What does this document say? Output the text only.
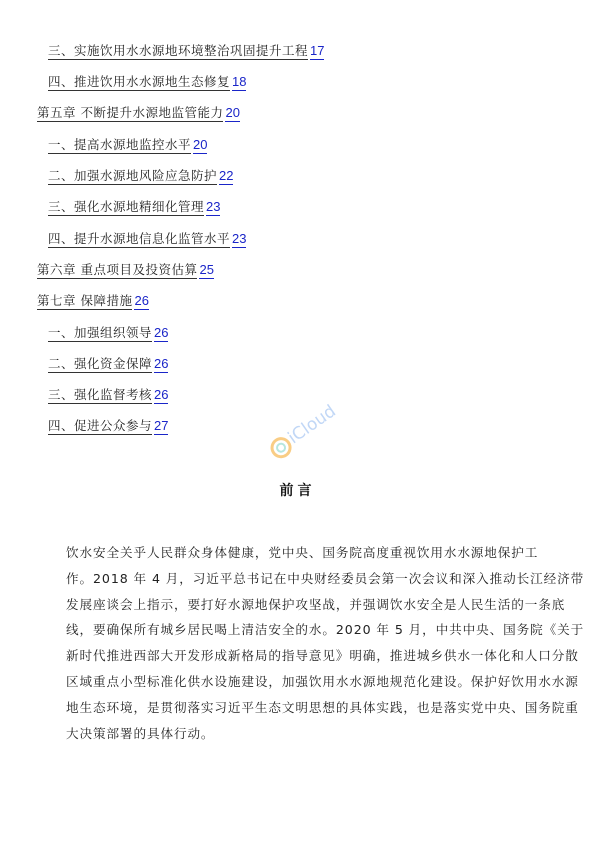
三、实施饮用水水源地环境整治巩固提升工程 17
四、推进饮用水水源地生态修复 18
第五章 不断提升水源地监管能力 20
一、提高水源地监控水平 20
二、加强水源地风险应急防护 22
三、强化水源地精细化管理 23
四、提升水源地信息化监管水平 23
第六章 重点项目及投资估算 25
第七章 保障措施 26
一、加强组织领导 26
二、强化资金保障 26
三、强化监督考核 26
四、促进公众参与 27	iCloud
前言
饮水安全关乎人民群众身体健康，党中央、国务院高度重视饮用水水源地保护工
作。2018 年 4 月，习近平总书记在中央财经委员会第一次会议和深入推动长江经济带
发展座谈会上指示，要打好水源地保护攻坚战，并强调饮水安全是人民生活的一条底
线，要确保所有城乡居民喝上清洁安全的水。2020 年 5 月，中共中央、国务院《关于
新时代推进西部大开发形成新格局的指导意见》明确，推进城乡供水一体化和人口分散
区域重点小型标准化供水设施建设，加强饮用水水源地规范化建设。保护好饮用水水源
地生态环境，是贯彻落实习近平生态文明思想的具体实践，也是落实党中央、国务院重
大决策部署的具体行动。
